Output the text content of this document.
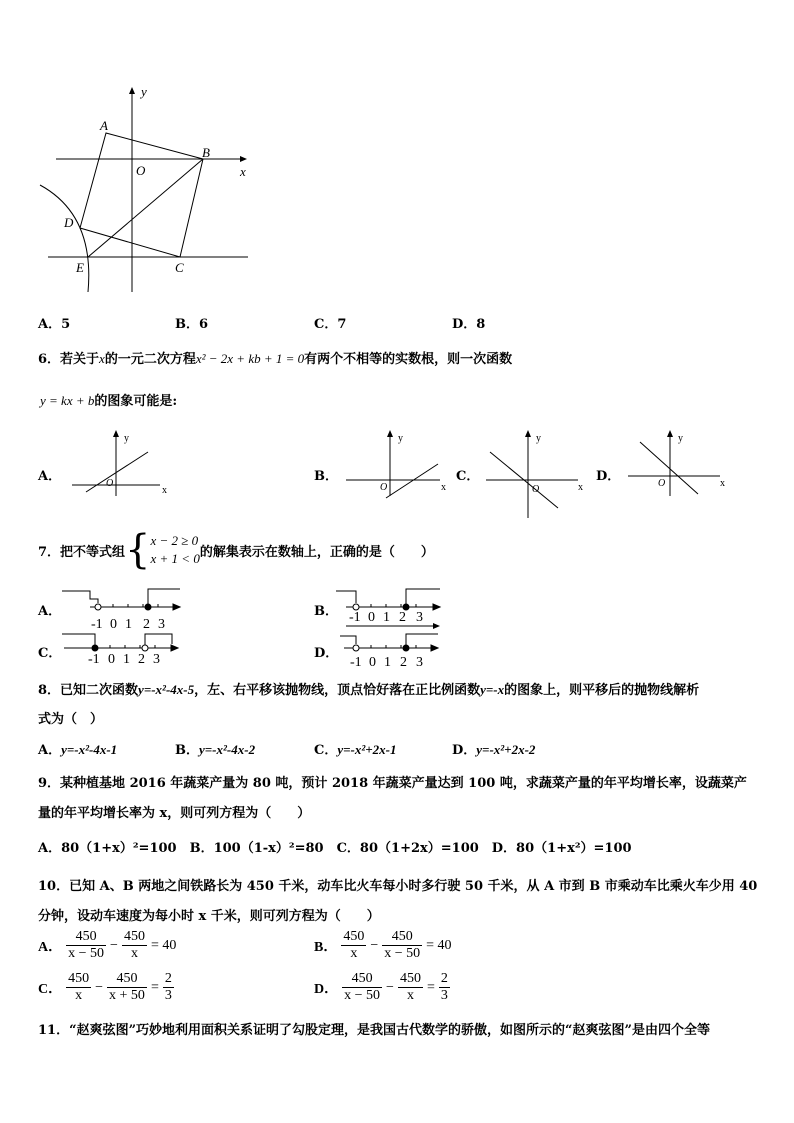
y
x
A
B
O
D
E	C
A．5	B．6	C．7	D．8
6．若关于x的一元二次方程x² − 2x + kb + 1 = 0有两个不相等的实数根，则一次函数
y = kx + b的图象可能是:
A．
y
x
O	B．
y
x
O
C．
y
x
O
D．
y
x
O
7．把不等式组 { x − 2 ≥ 0
x + 1 < 0 的解集表示在数轴上，正确的是（　　）
A．
-1 0 1 2 3
B． -1 0 1 2 3
C． -1 0 1 2 3	D．
-1 0 1 2 3
8．已知二次函数y=-x²-4x-5，左、右平移该抛物线，顶点恰好落在正比例函数y=-x的图象上，则平移后的抛物线解析
式为（　）
A．y=-x²-4x-1	B．y=-x²-4x-2	C．y=-x²+2x-1	D．y=-x²+2x-2
9．某种植基地 2016 年蔬菜产量为 80 吨，预计 2018 年蔬菜产量达到 100 吨，求蔬菜产量的年平均增长率，设蔬菜产
量的年平均增长率为 x，则可列方程为（　　）
A．80（1+x）²=100　B．100（1-x）²=80　C．80（1+2x）=100　D．80（1+x²）=100
10．已知 A、B 两地之间铁路长为 450 千米，动车比火车每小时多行驶 50 千米，从 A 市到 B 市乘动车比乘火车少用 40
分钟，设动车速度为每小时 x 千米，则可列方程为（　　）
A． $\frac{450}{x - 50} - \frac{450}{x} = 40$	B． $\frac{450}{x} - \frac{450}{x - 50} = 40$
C． $\frac{450}{x} - \frac{450}{x + 50} = \frac{2}{3}$	D． $\frac{450}{x - 50} - \frac{450}{x} = \frac{2}{3}$
11．“赵爽弦图”巧妙地利用面积关系证明了勾股定理，是我国古代数学的骄傲，如图所示的“赵爽弦图”是由四个全等
